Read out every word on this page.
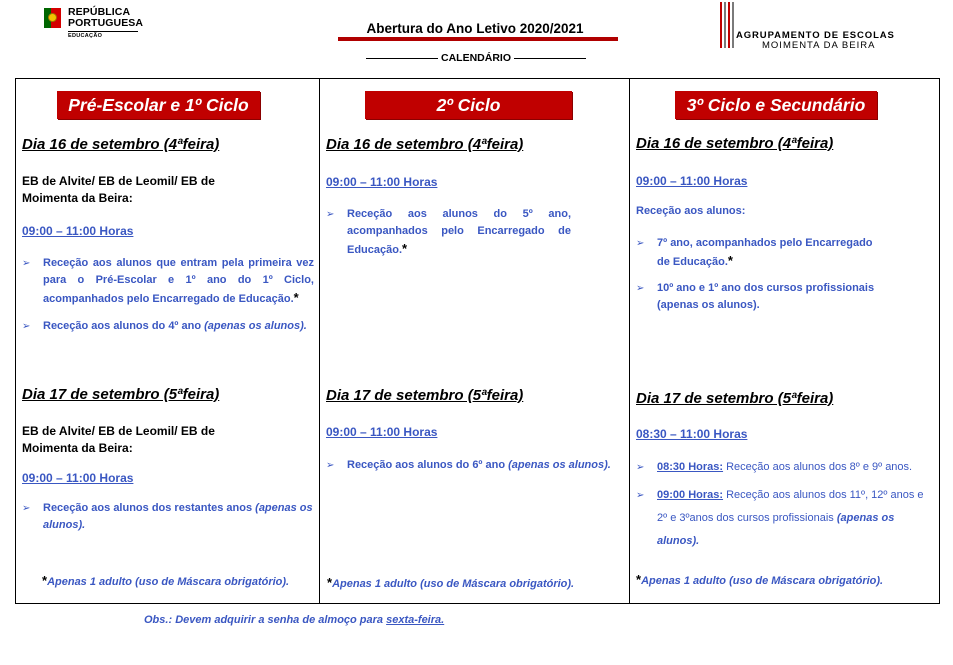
REPÚBLICA
PORTUGUESA
EDUCAÇÃO	Abertura do Ano Letivo 2020/2021
CALENDÁRIO
AGRUPAMENTO DE ESCOLAS
MOIMENTA DA BEIRA
Pré-Escolar e 1º Ciclo
Dia 16 de setembro (4ªfeira)
EB de Alvite/ EB de Leomil/ EB de Moimenta da Beira:
09:00 – 11:00 Horas
➢	Receção aos alunos que entram pela primeira vez para o Pré-Escolar e 1º ano do 1º Ciclo, acompanhados pelo Encarregado de Educação.*
➢	Receção aos alunos do 4º ano (apenas os alunos).
Dia 17 de setembro (5ªfeira)
EB de Alvite/ EB de Leomil/ EB de Moimenta da Beira:
09:00 – 11:00 Horas
➢	Receção aos alunos dos restantes anos (apenas os alunos).
*Apenas 1 adulto (uso de Máscara obrigatório).
2º Ciclo
Dia 16 de setembro (4ªfeira)
09:00 – 11:00 Horas
➢	Receção aos alunos do 5º ano, acompanhados pelo Encarregado de Educação.*
Dia 17 de setembro (5ªfeira)
09:00 – 11:00 Horas
➢	Receção aos alunos do 6º ano (apenas os alunos).
*Apenas 1 adulto (uso de Máscara obrigatório).
3º Ciclo e Secundário
Dia 16 de setembro (4ªfeira)
09:00 – 11:00 Horas
Receção aos alunos:
➢	7º ano, acompanhados pelo Encarregado de Educação.*
➢	10º ano e 1º ano dos cursos profissionais (apenas os alunos).
Dia 17 de setembro (5ªfeira)
08:30 – 11:00 Horas
➢	08:30 Horas: Receção aos alunos dos 8º e 9º anos.
➢	09:00 Horas: Receção aos alunos dos 11º, 12º anos e 2º e 3ºanos dos cursos profissionais (apenas os alunos).
*Apenas 1 adulto (uso de Máscara obrigatório).
Obs.: Devem adquirir a senha de almoço para sexta-feira.
